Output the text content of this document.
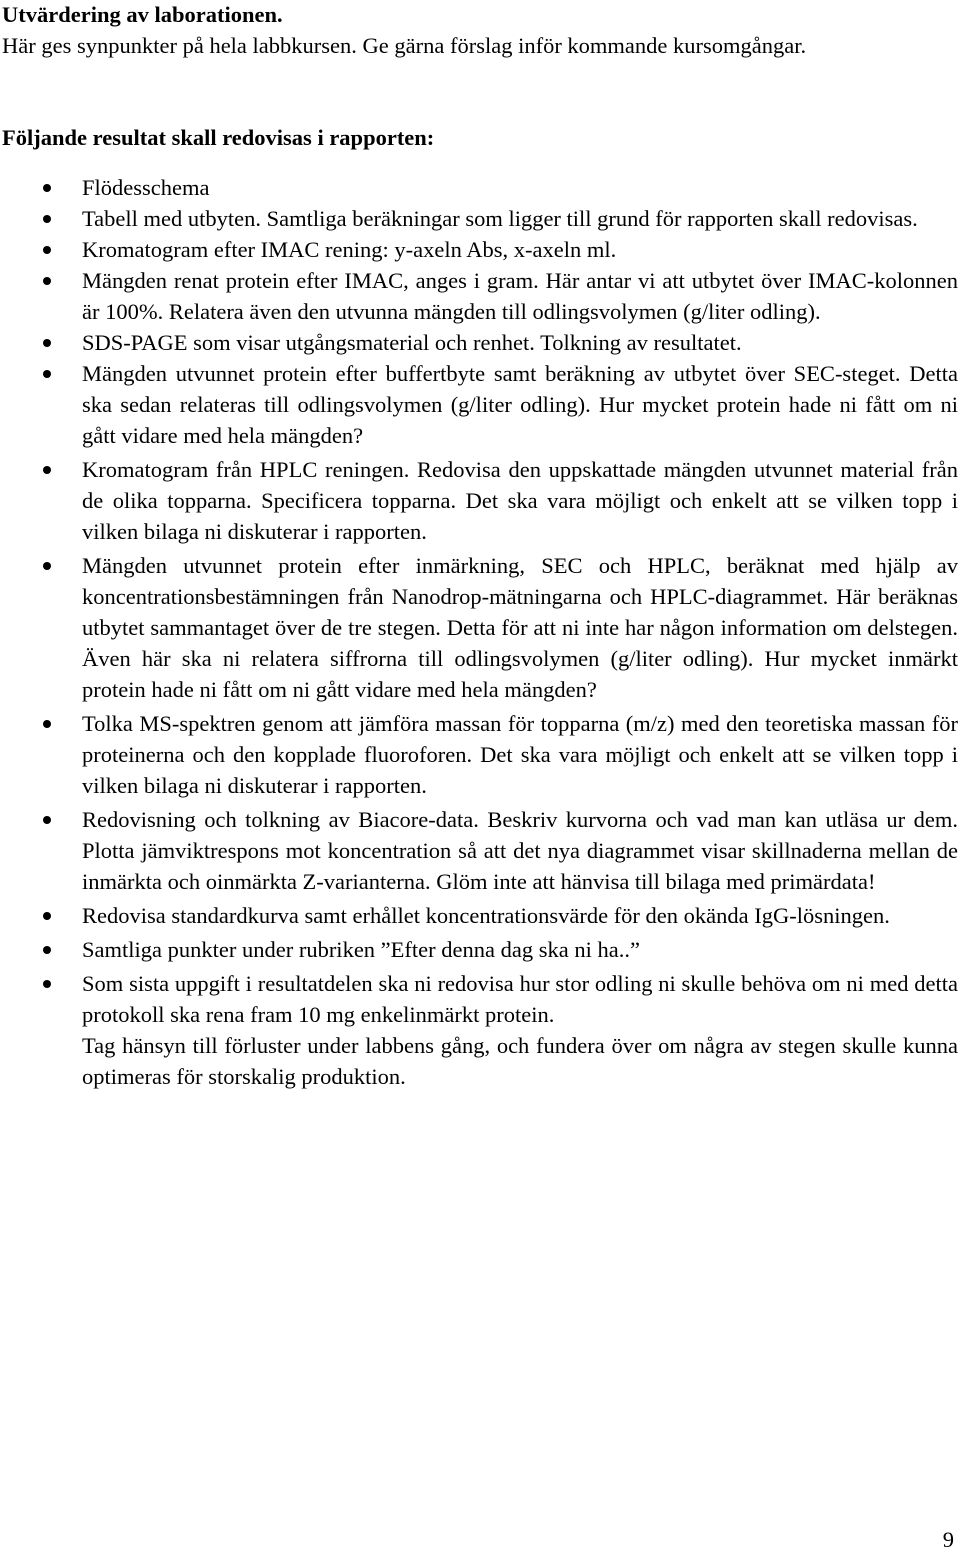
Utvärdering av laborationen.

Här ges synpunkter på hela labbkursen. Ge gärna förslag inför kommande kursomgångar.

Följande resultat skall redovisas i rapporten:

Flödesschema
Tabell med utbyten. Samtliga beräkningar som ligger till grund för rapporten skall redovisas.
Kromatogram efter IMAC rening: y-axeln Abs, x-axeln ml.
Mängden renat protein efter IMAC, anges i gram. Här antar vi att utbytet över IMAC-kolonnen är 100%. Relatera även den utvunna mängden till odlingsvolymen (g/liter odling).
SDS-PAGE som visar utgångsmaterial och renhet. Tolkning av resultatet.
Mängden utvunnet protein efter buffertbyte samt beräkning av utbytet över SEC-steget. Detta ska sedan relateras till odlingsvolymen (g/liter odling). Hur mycket protein hade ni fått om ni gått vidare med hela mängden?
Kromatogram från HPLC reningen. Redovisa den uppskattade mängden utvunnet material från de olika topparna. Specificera topparna. Det ska vara möjligt och enkelt att se vilken topp i vilken bilaga ni diskuterar i rapporten.
Mängden utvunnet protein efter inmärkning, SEC och HPLC, beräknat med hjälp av koncentrationsbestämningen från Nanodrop-mätningarna och HPLC-diagrammet. Här beräknas utbytet sammantaget över de tre stegen. Detta för att ni inte har någon information om delstegen. Även här ska ni relatera siffrorna till odlingsvolymen (g/liter odling). Hur mycket inmärkt protein hade ni fått om ni gått vidare med hela mängden?
Tolka MS-spektren genom att jämföra massan för topparna (m/z) med den teoretiska massan för proteinerna och den kopplade fluoroforen. Det ska vara möjligt och enkelt att se vilken topp i vilken bilaga ni diskuterar i rapporten.
Redovisning och tolkning av Biacore-data. Beskriv kurvorna och vad man kan utläsa ur dem. Plotta jämviktrespons mot koncentration så att det nya diagrammet visar skillnaderna mellan de inmärkta och oinmärkta Z-varianterna. Glöm inte att hänvisa till bilaga med primärdata!
Redovisa standardkurva samt erhållet koncentrationsvärde för den okända IgG-lösningen.
Samtliga punkter under rubriken ”Efter denna dag ska ni ha..”
Som sista uppgift i resultatdelen ska ni redovisa hur stor odling ni skulle behöva om ni med detta protokoll ska rena fram 10 mg enkelinmärkt protein.

Tag hänsyn till förluster under labbens gång, och fundera över om några av stegen skulle kunna optimeras för storskalig produktion.

9
